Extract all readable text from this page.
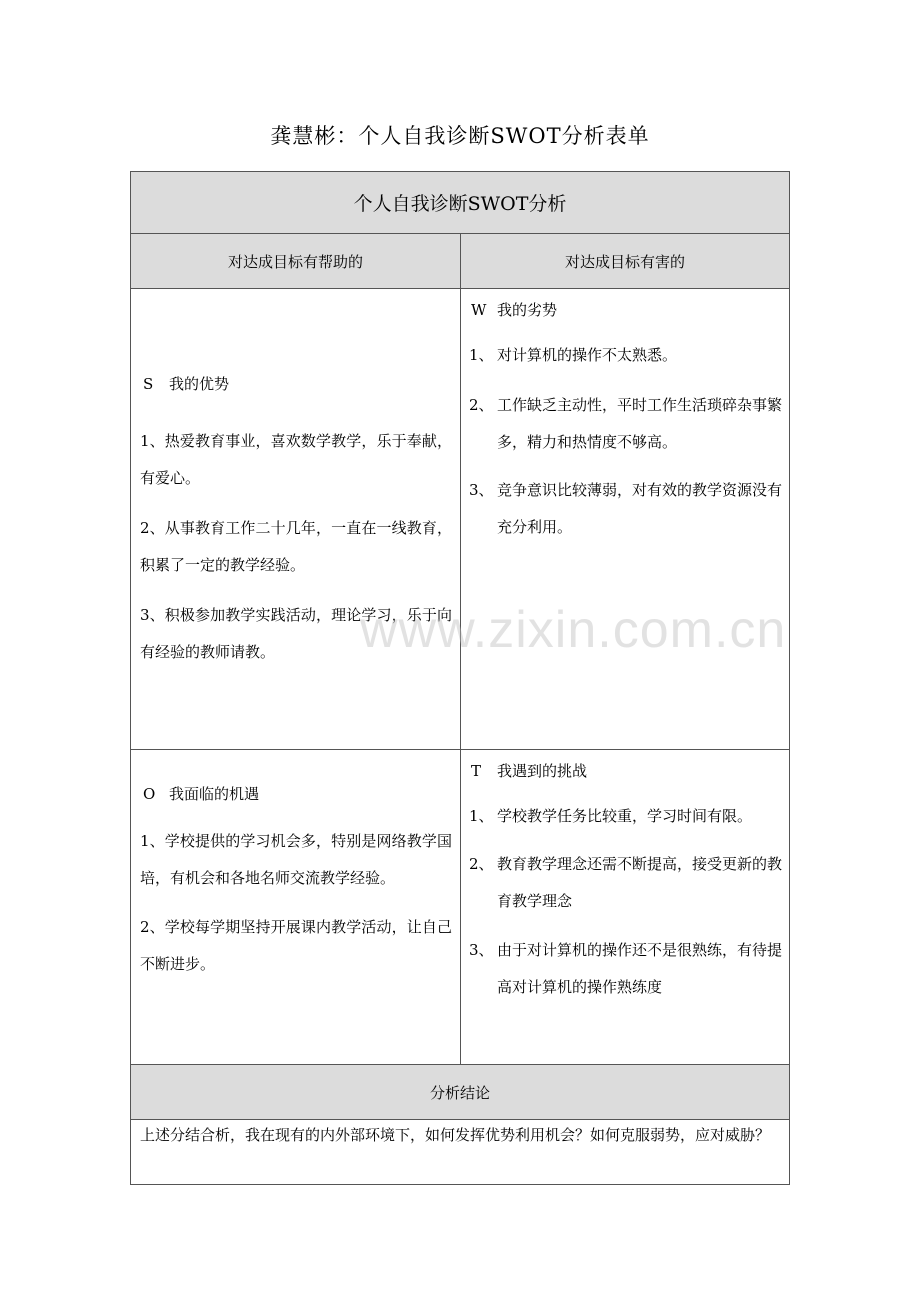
龚慧彬：个人自我诊断SWOT分析表单
个人自我诊断SWOT分析
对达成目标有帮助的	对达成目标有害的
S 我的优势
1、热爱教育事业，喜欢数学教学，乐于奉献，有爱心。
2、从事教育工作二十几年，一直在一线教育，积累了一定的教学经验。
3、积极参加教学实践活动，理论学习，乐于向有经验的教师请教。
W 我的劣势
1、 对计算机的操作不太熟悉。
2、 工作缺乏主动性，平时工作生活琐碎杂事繁多，精力和热情度不够高。
3、 竞争意识比较薄弱，对有效的教学资源没有充分利用。
O 我面临的机遇
1、学校提供的学习机会多，特别是网络教学国培，有机会和各地名师交流教学经验。
2、学校每学期坚持开展课内教学活动，让自己不断进步。
T 我遇到的挑战
1、 学校教学任务比较重，学习时间有限。
2、 教育教学理念还需不断提高，接受更新的教育教学理念
3、 由于对计算机的操作还不是很熟练，有待提高对计算机的操作熟练度
分析结论
上述分结合析，我在现有的内外部环境下，如何发挥优势利用机会？如何克服弱势，应对威胁？
www.zixin.com.cn
